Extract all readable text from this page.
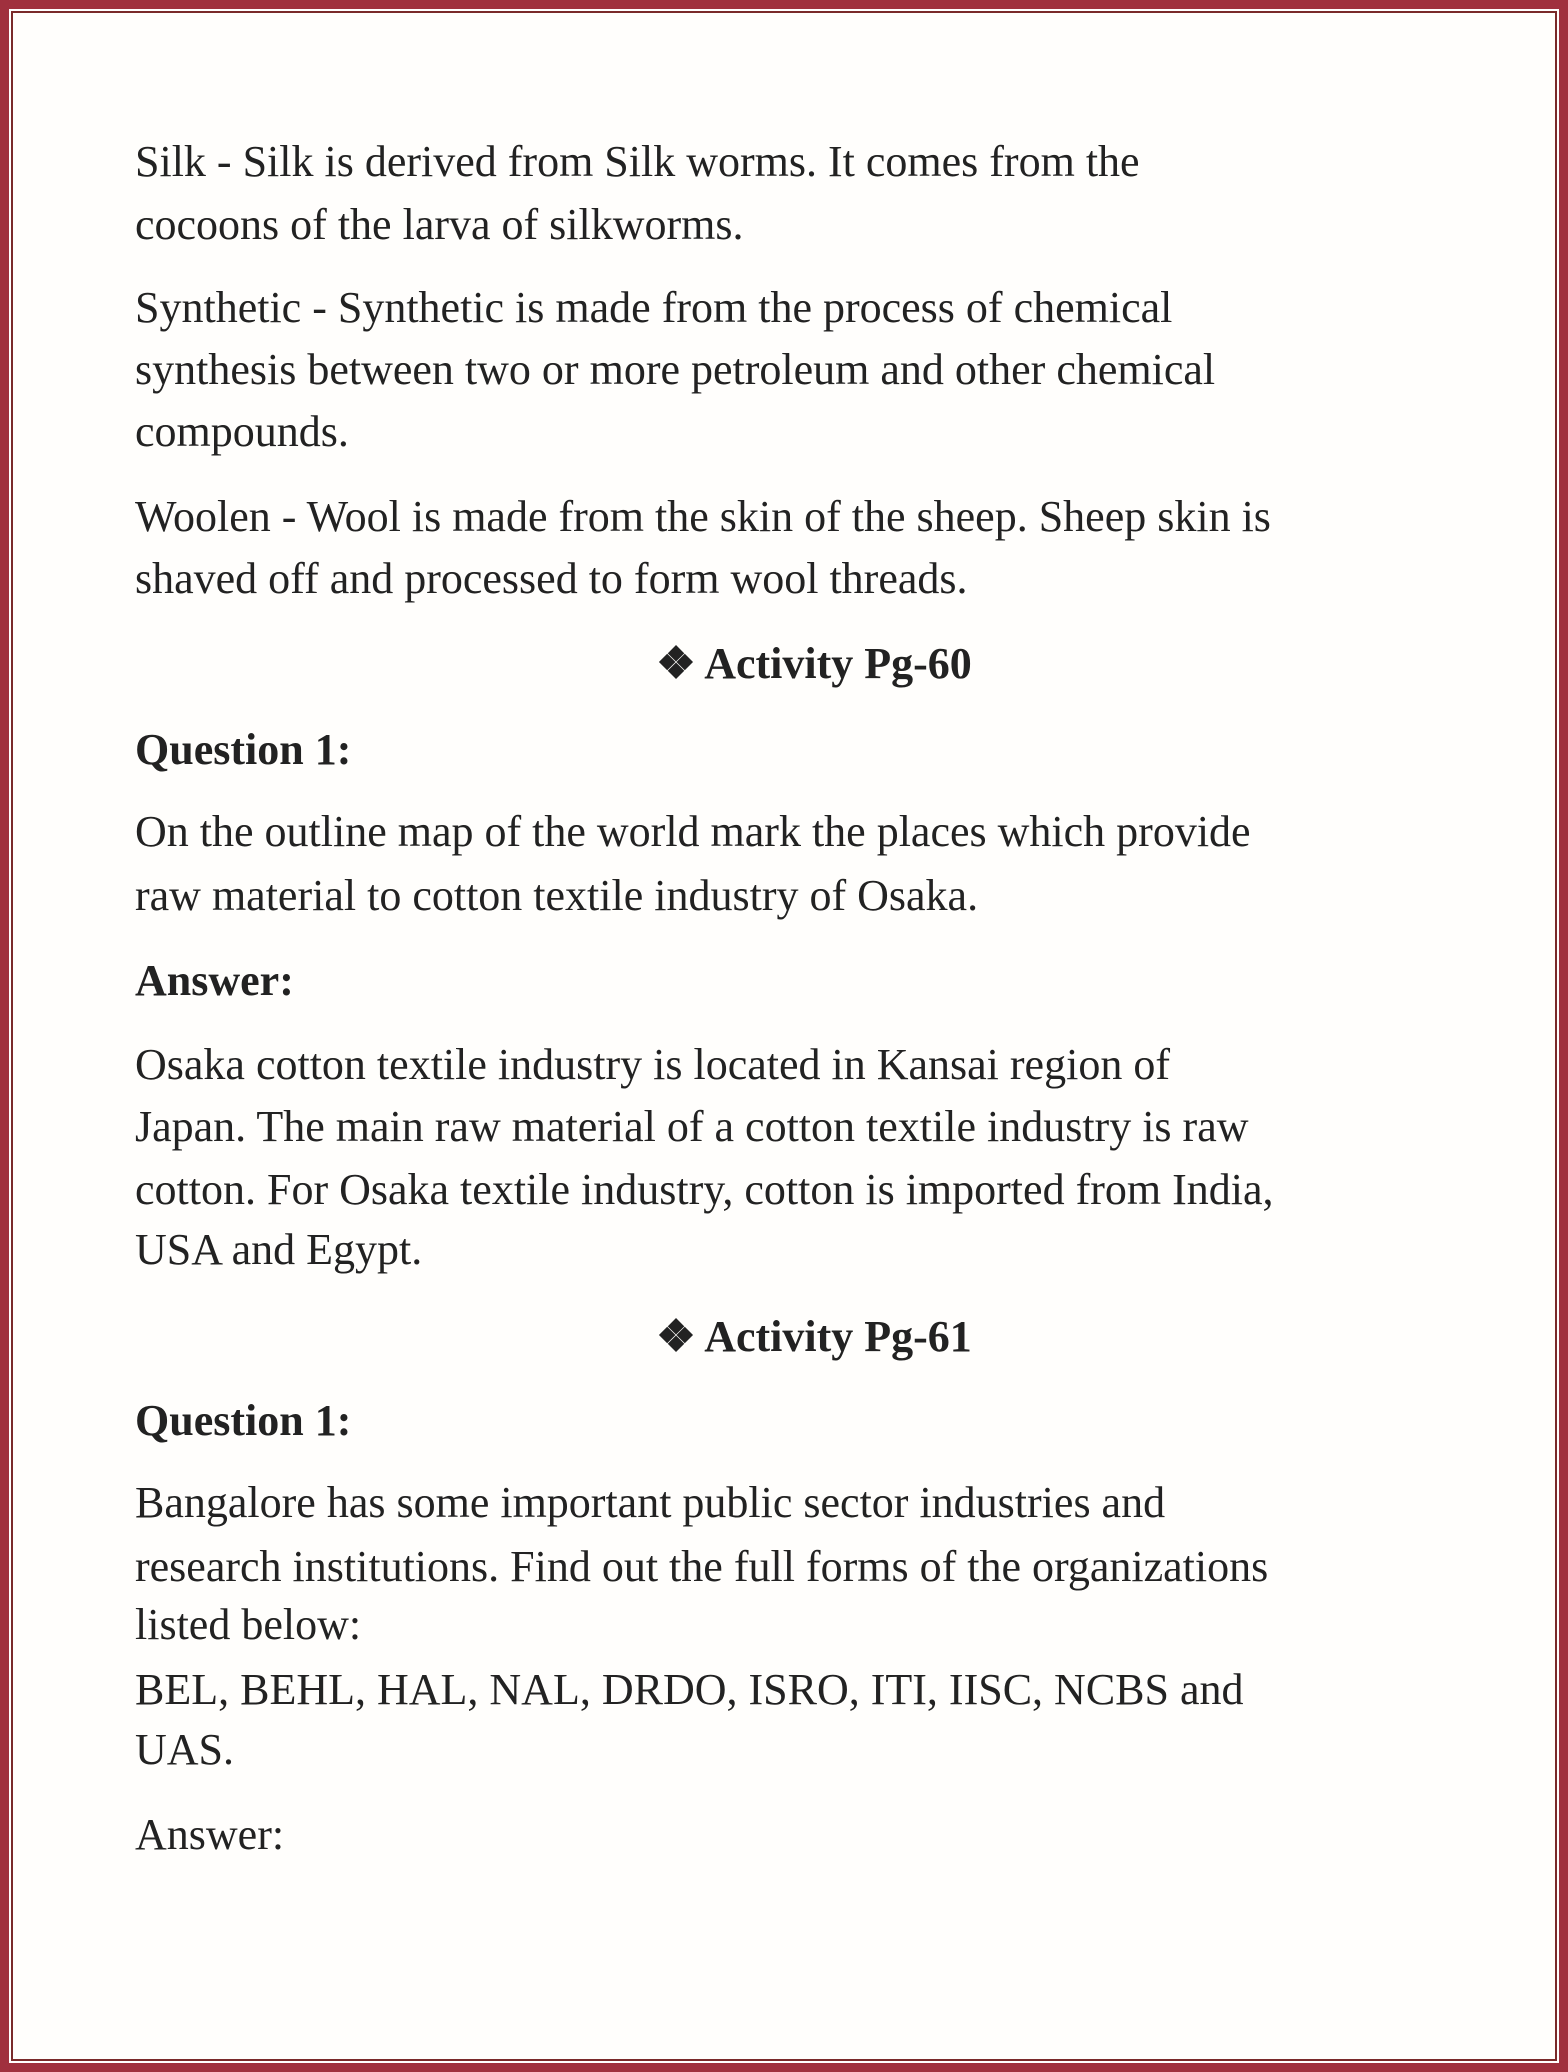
Silk - Silk is derived from Silk worms. It comes from the
cocoons of the larva of silkworms.
Synthetic - Synthetic is made from the process of chemical
synthesis between two or more petroleum and other chemical
compounds.
Woolen - Wool is made from the skin of the sheep. Sheep skin is
shaved off and processed to form wool threads.
❖ Activity Pg-60
Question 1:
On the outline map of the world mark the places which provide
raw material to cotton textile industry of Osaka.
Answer:
Osaka cotton textile industry is located in Kansai region of
Japan. The main raw material of a cotton textile industry is raw
cotton. For Osaka textile industry, cotton is imported from India,
USA and Egypt.
❖ Activity Pg-61
Question 1:
Bangalore has some important public sector industries and
research institutions. Find out the full forms of the organizations
listed below:
BEL, BEHL, HAL, NAL, DRDO, ISRO, ITI, IISC, NCBS and
UAS.
Answer:
